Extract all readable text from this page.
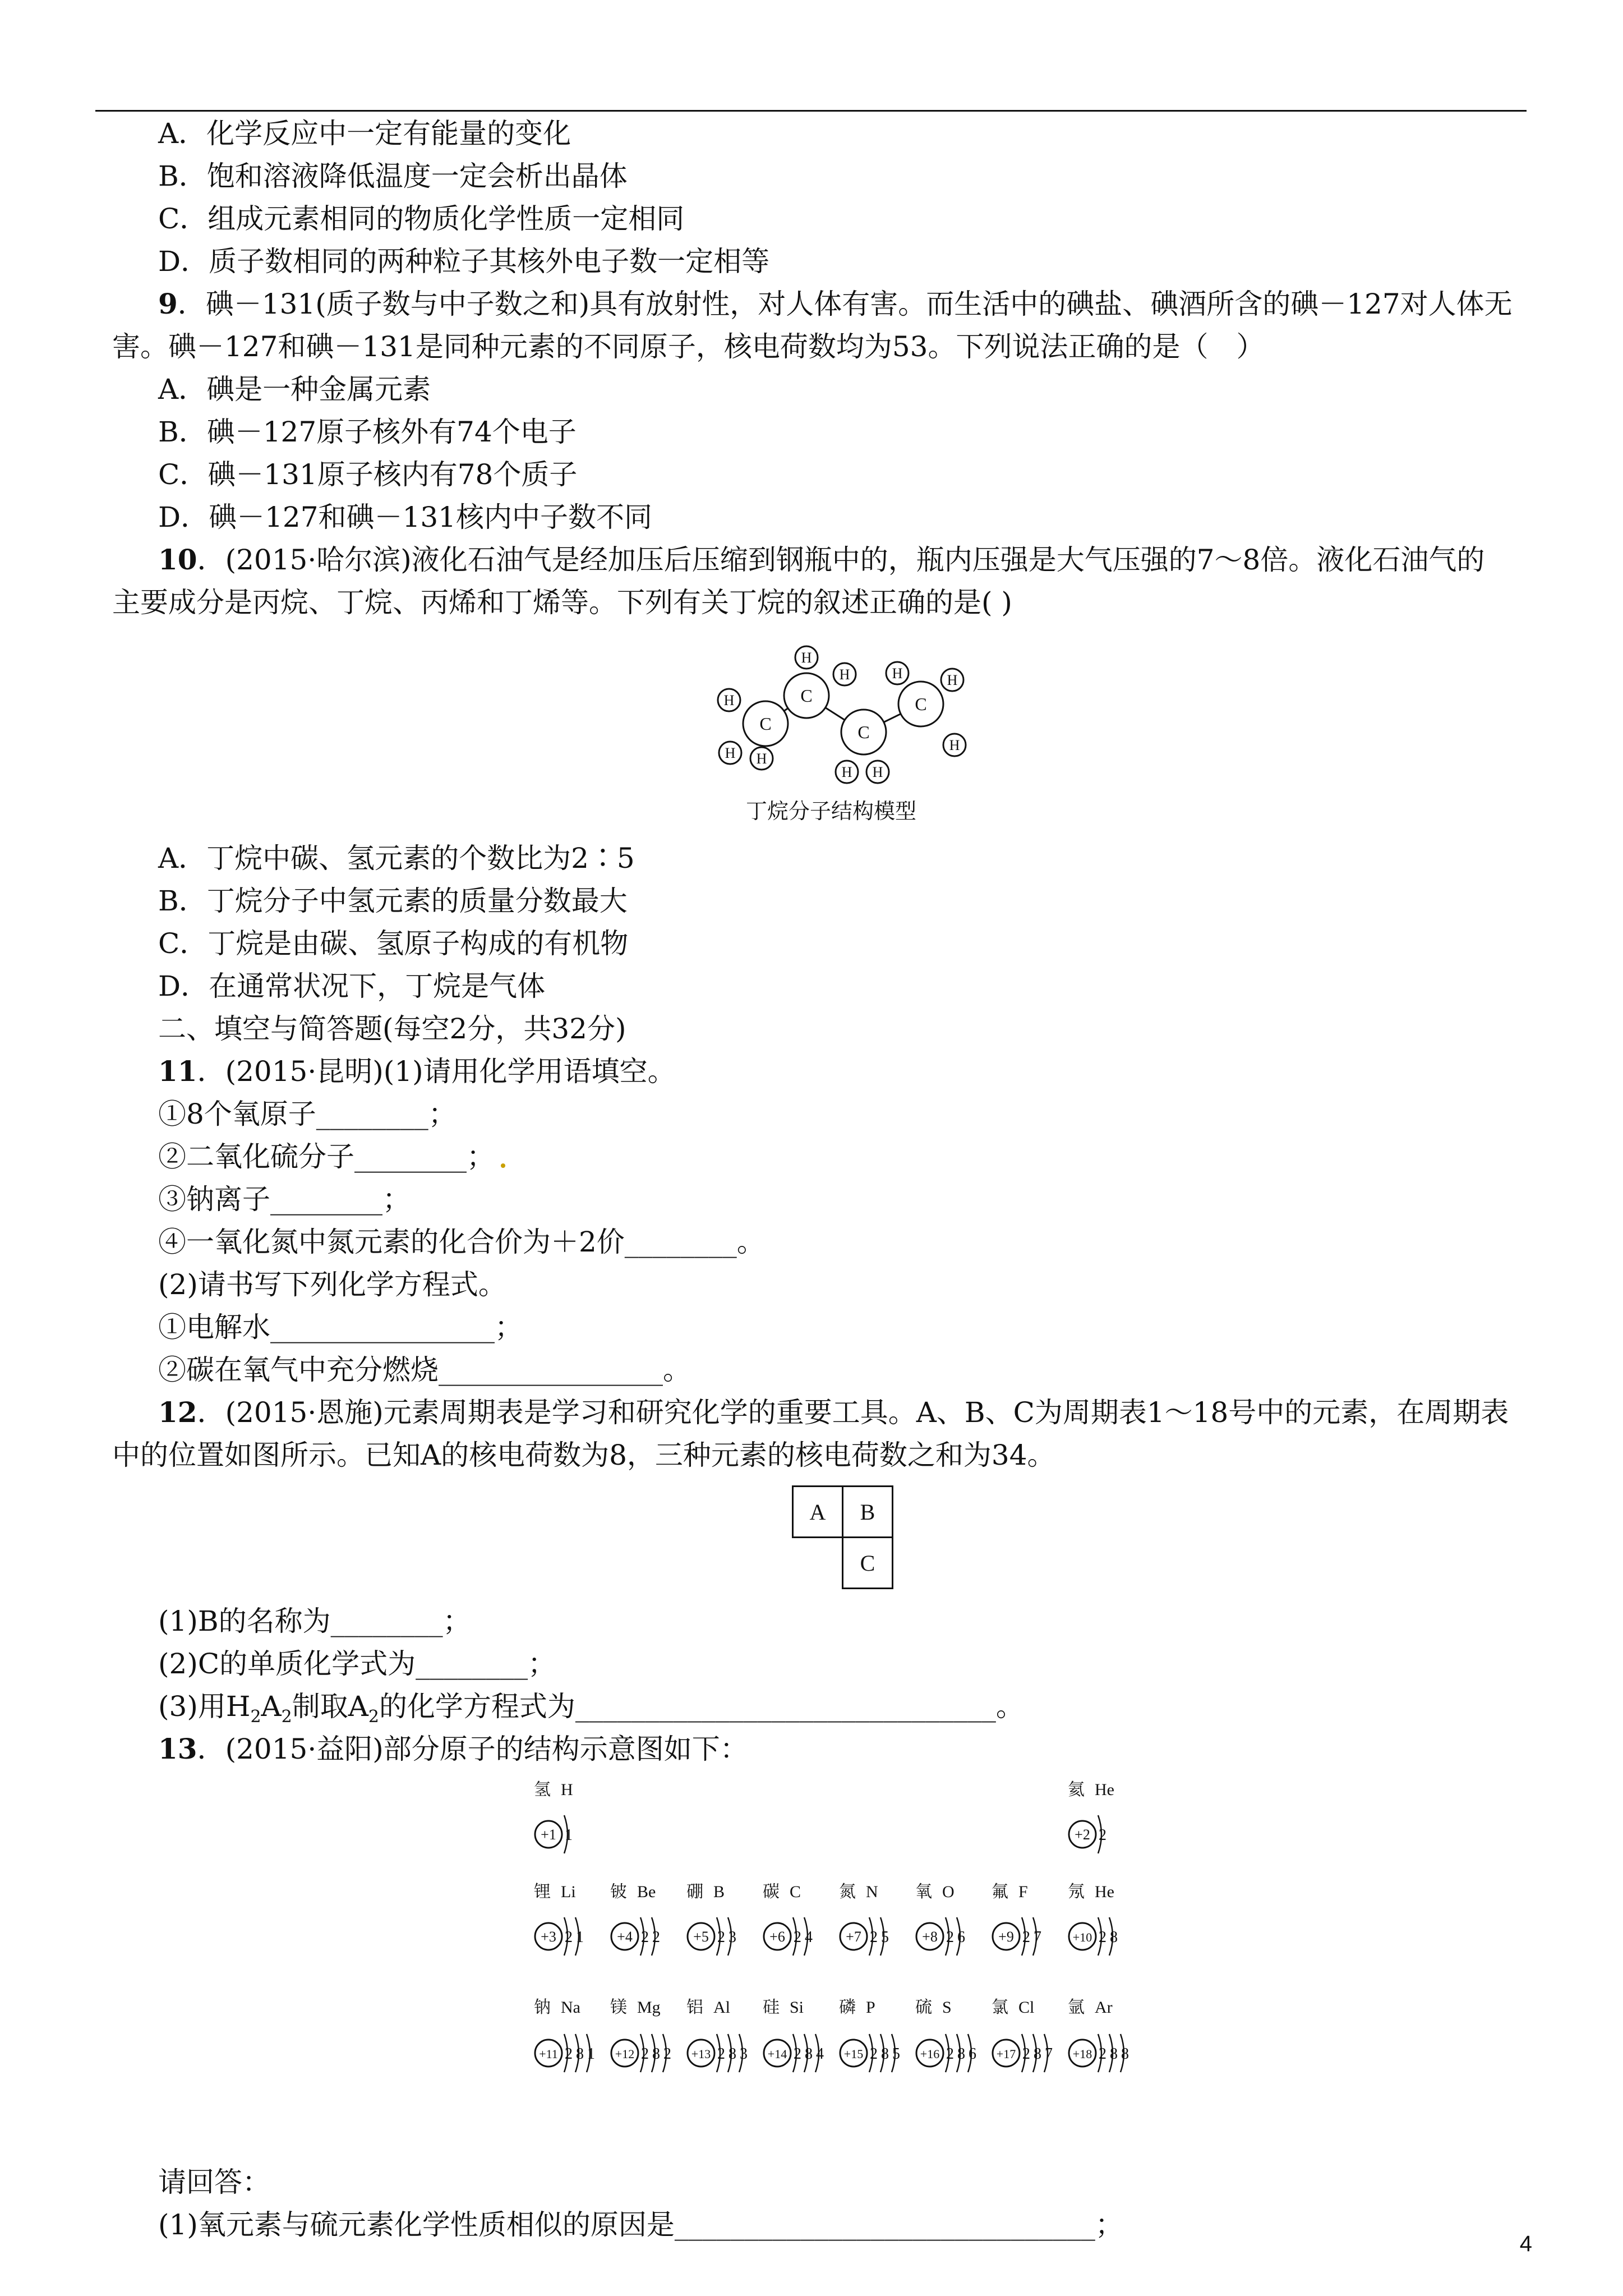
A．化学反应中一定有能量的变化
B．饱和溶液降低温度一定会析出晶体
C．组成元素相同的物质化学性质一定相同
D．质子数相同的两种粒子其核外电子数一定相等
9．碘－131(质子数与中子数之和)具有放射性，对人体有害。而生活中的碘盐、碘酒所含的碘－127对人体无
害。碘－127和碘－131是同种元素的不同原子，核电荷数均为53。下列说法正确的是（　）
A．碘是一种金属元素
B．碘－127原子核外有74个电子
C．碘－131原子核内有78个质子
D．碘－127和碘－131核内中子数不同
10．(2015·哈尔滨)液化石油气是经加压后压缩到钢瓶中的，瓶内压强是大气压强的7～8倍。液化石油气的
主要成分是丙烷、丁烷、丙烯和丁烯等。下列有关丁烷的叙述正确的是( )
C
C
C
C
H
H H
H
H
H H
H	H
H
丁烷分子结构模型
A．丁烷中碳、氢元素的个数比为2∶5
B．丁烷分子中氢元素的质量分数最大
C．丁烷是由碳、氢原子构成的有机物
D．在通常状况下，丁烷是气体
二、填空与简答题(每空2分，共32分)
11．(2015·昆明)(1)请用化学用语填空。
①8个氧原子________；
②二氧化硫分子________；
③钠离子________；
④一氧化氮中氮元素的化合价为＋2价________。
(2)请书写下列化学方程式。
①电解水________________；
②碳在氧气中充分燃烧________________。
12．(2015·恩施)元素周期表是学习和研究化学的重要工具。A、B、C为周期表1～18号中的元素，在周期表
中的位置如图所示。已知A的核电荷数为8，三种元素的核电荷数之和为34。
A	B
	C
(1)B的名称为________；
(2)C的单质化学式为________；
(3)用$H_2A_2$制取$A_2$的化学方程式为______________________________。
13．(2015·益阳)部分原子的结构示意图如下：
氢 H
+1 1
氦 He
+2 2
锂 Li
+3 2 1
铍 Be
+4 2 2
硼 B
+5 2 3
碳 C
+6 2 4
氮 N
+7 2 5
氧 O
+8 2 6
氟 F
+9 2 7
氖 He
+10 2 8
钠 Na
+11 2 8 1
镁 Mg
+12 2 8 2
铝 Al
+13 2 8 3
硅 Si
+14 2 8 4
磷 P
+15 2 8 5
硫 S
+16 2 8 6
氯 Cl
+17 2 8 7
氩 Ar
+18 2 8 8
请回答：
(1)氧元素与硫元素化学性质相似的原因是______________________________；
4
